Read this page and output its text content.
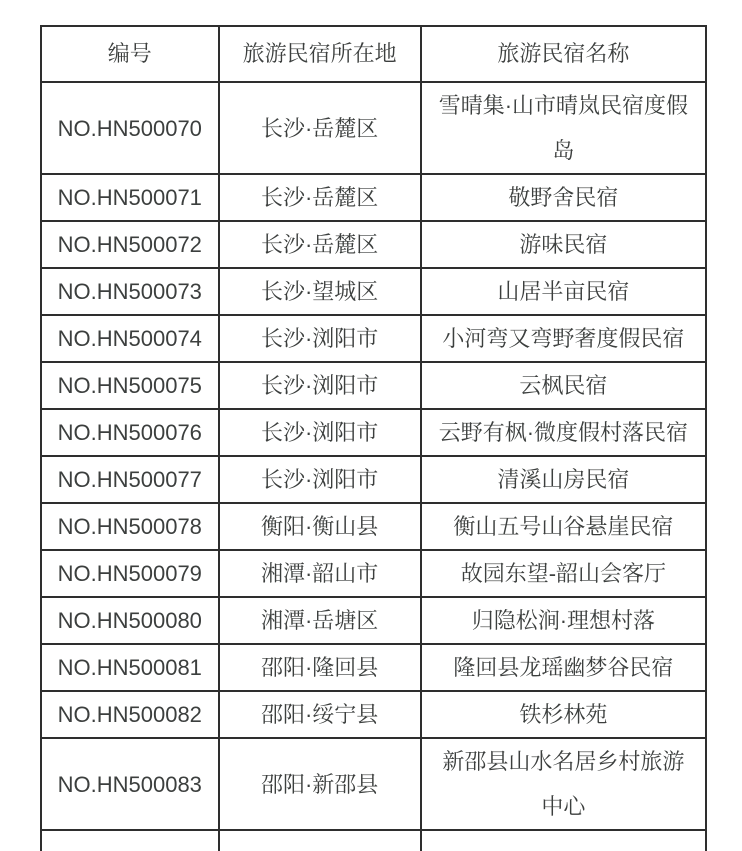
编号	旅游民宿所在地	旅游民宿名称
NO.HN500070	长沙·岳麓区	雪晴集·山市晴岚民宿度假岛
NO.HN500071	长沙·岳麓区	敬野舍民宿
NO.HN500072	长沙·岳麓区	游味民宿
NO.HN500073	长沙·望城区	山居半亩民宿
NO.HN500074	长沙·浏阳市	小河弯又弯野奢度假民宿
NO.HN500075	长沙·浏阳市	云枫民宿
NO.HN500076	长沙·浏阳市	云野有枫·微度假村落民宿
NO.HN500077	长沙·浏阳市	清溪山房民宿
NO.HN500078	衡阳·衡山县	衡山五号山谷悬崖民宿
NO.HN500079	湘潭·韶山市	故园东望-韶山会客厅
NO.HN500080	湘潭·岳塘区	归隐松涧·理想村落
NO.HN500081	邵阳·隆回县	隆回县龙瑶幽梦谷民宿
NO.HN500082	邵阳·绥宁县	铁杉林苑
NO.HN500083	邵阳·新邵县	新邵县山水名居乡村旅游中心
